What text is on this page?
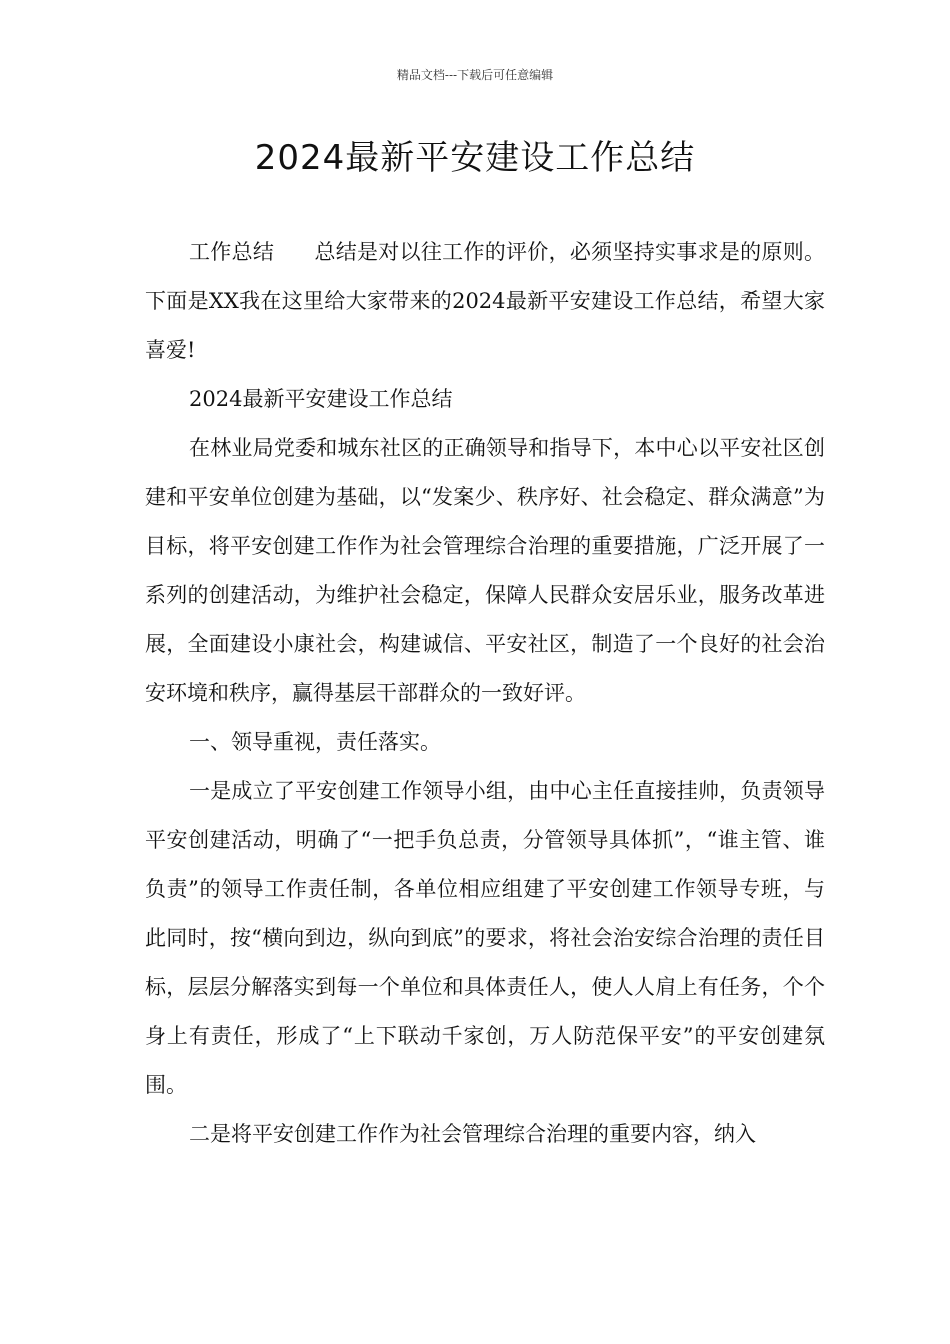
精品文档---下载后可任意编辑
2024最新平安建设工作总结

工作总结 总结是对以往工作的评价，必须坚持实事求是的原则。下面是XX我在这里给大家带来的2024最新平安建设工作总结，希望大家喜爱!

2024最新平安建设工作总结

在林业局党委和城东社区的正确领导和指导下，本中心以平安社区创建和平安单位创建为基础，以“发案少、秩序好、社会稳定、群众满意”为目标，将平安创建工作作为社会管理综合治理的重要措施，广泛开展了一系列的创建活动，为维护社会稳定，保障人民群众安居乐业，服务改革进展，全面建设小康社会，构建诚信、平安社区，制造了一个良好的社会治安环境和秩序，赢得基层干部群众的一致好评。

一、领导重视，责任落实。

一是成立了平安创建工作领导小组，由中心主任直接挂帅，负责领导平安创建活动，明确了“一把手负总责，分管领导具体抓”，“谁主管、谁负责”的领导工作责任制，各单位相应组建了平安创建工作领导专班，与此同时，按“横向到边，纵向到底”的要求，将社会治安综合治理的责任目标，层层分解落实到每一个单位和具体责任人，使人人肩上有任务，个个身上有责任，形成了“上下联动千家创，万人防范保平安”的平安创建氛围。

二是将平安创建工作作为社会管理综合治理的重要内容，纳入
